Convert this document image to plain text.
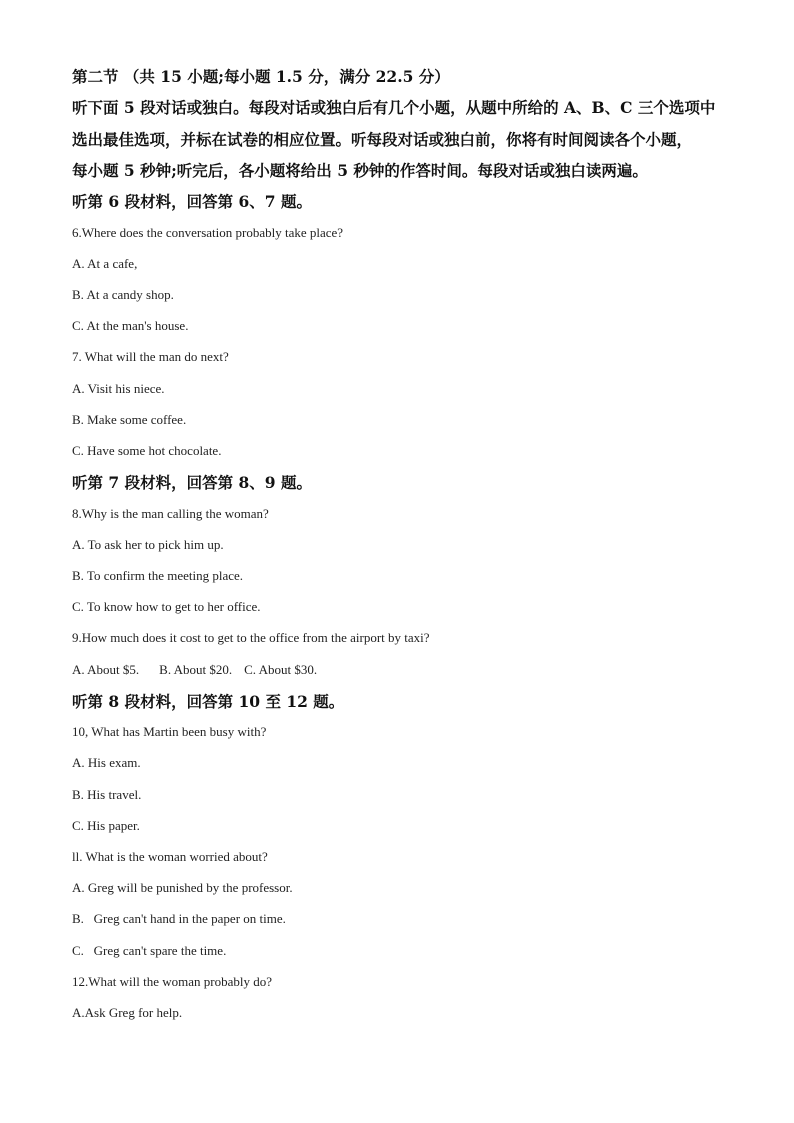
第二节 （共 15 小题;每小题 1.5 分，满分 22.5 分）
听下面 5 段对话或独白。每段对话或独白后有几个小题，从题中所给的 A、B、C 三个选项中
选出最佳选项，并标在试卷的相应位置。听每段对话或独白前，你将有时间阅读各个小题，
每小题 5 秒钟;听完后，各小题将给出 5 秒钟的作答时间。每段对话或独白读两遍。
听第 6 段材料，回答第 6、7 题。
6.Where does the conversation probably take place?
A. At a cafe,
B. At a candy shop.
C. At the man's house.
7. What will the man do next?
A. Visit his niece.
B. Make some coffee.
C. Have some hot chocolate.
听第 7 段材料，回答第 8、9 题。
8.Why is the man calling the woman?
A. To ask her to pick him up.
B. To confirm the meeting place.
C. To know how to get to her office.
9.How much does it cost to get to the office from the airport by taxi?
A. About $5. B. About $20. C. About $30.
听第 8 段材料，回答第 10 至 12 题。
10, What has Martin been busy with?
A. His exam.
B. His travel.
C. His paper.
ll. What is the woman worried about?
A. Greg will be punished by the professor.
B.   Greg can't hand in the paper on time.
C.   Greg can't spare the time.
12.What will the woman probably do?
A.Ask Greg for help.
